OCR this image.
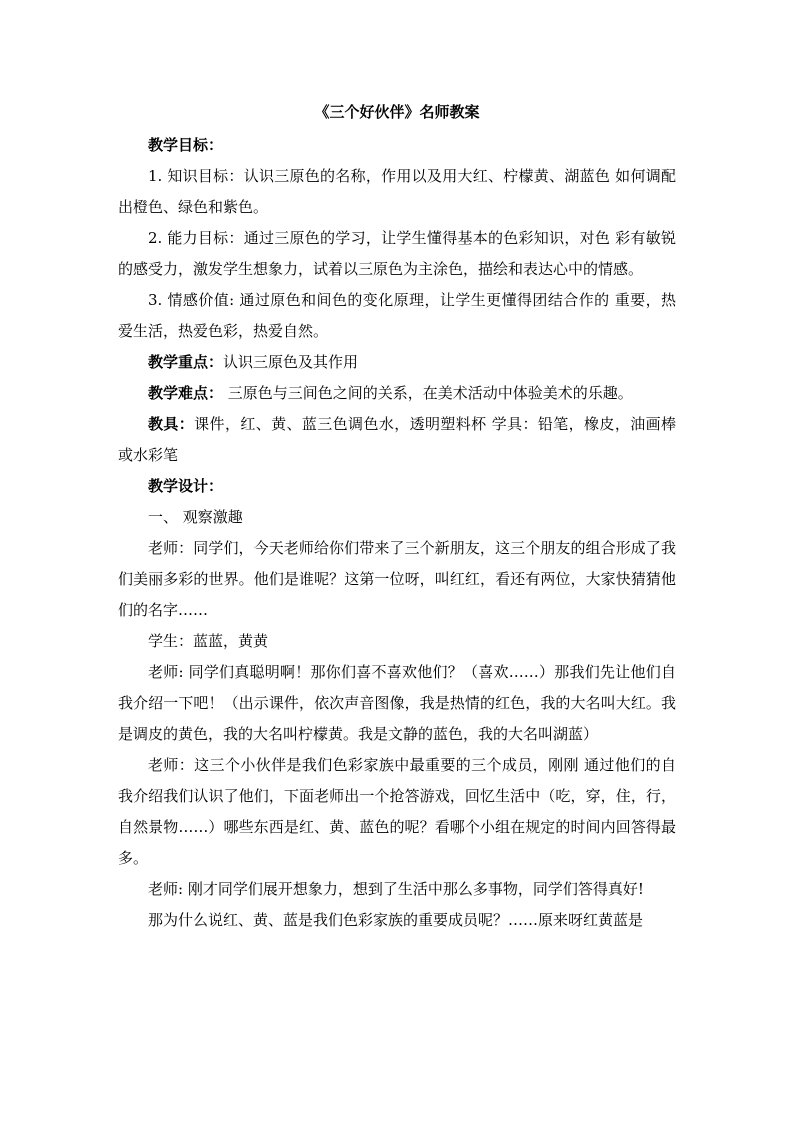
《三个好伙伴》名师教案

教学目标：

1. 知识目标：认识三原色的名称，作用以及用大红、柠檬黄、湖蓝色 如何调配出橙色、绿色和紫色。

2. 能力目标：通过三原色的学习，让学生懂得基本的色彩知识，对色 彩有敏锐的感受力，激发学生想象力，试着以三原色为主涂色，描绘和表达心中的情感。

3. 情感价值: 通过原色和间色的变化原理，让学生更懂得团结合作的 重要，热爱生活，热爱色彩，热爱自然。

教学重点：认识三原色及其作用

教学难点： 三原色与三间色之间的关系，在美术活动中体验美术的乐趣。

教具：课件，红、黄、蓝三色调色水，透明塑料杯 学具：铅笔，橡皮，油画棒或水彩笔

教学设计：

一、 观察激趣

老师：同学们，今天老师给你们带来了三个新朋友，这三个朋友的组合形成了我们美丽多彩的世界。他们是谁呢？这第一位呀，叫红红，看还有两位，大家快猜猜他们的名字……

学生：蓝蓝，黄黄

老师: 同学们真聪明啊！那你们喜不喜欢他们？（喜欢……）那我们先让他们自 我介绍一下吧！（出示课件，依次声音图像，我是热情的红色，我的大名叫大红。我是调皮的黄色，我的大名叫柠檬黄。我是文静的蓝色，我的大名叫湖蓝）

老师：这三个小伙伴是我们色彩家族中最重要的三个成员，刚刚 通过他们的自我介绍我们认识了他们，下面老师出一个抢答游戏，回忆生活中（吃，穿，住，行，自然景物……）哪些东西是红、黄、蓝色的呢？看哪个小组在规定的时间内回答得最多。

老师: 刚才同学们展开想象力，想到了生活中那么多事物，同学们答得真好!

那为什么说红、黄、蓝是我们色彩家族的重要成员呢？……原来呀红黄蓝是
